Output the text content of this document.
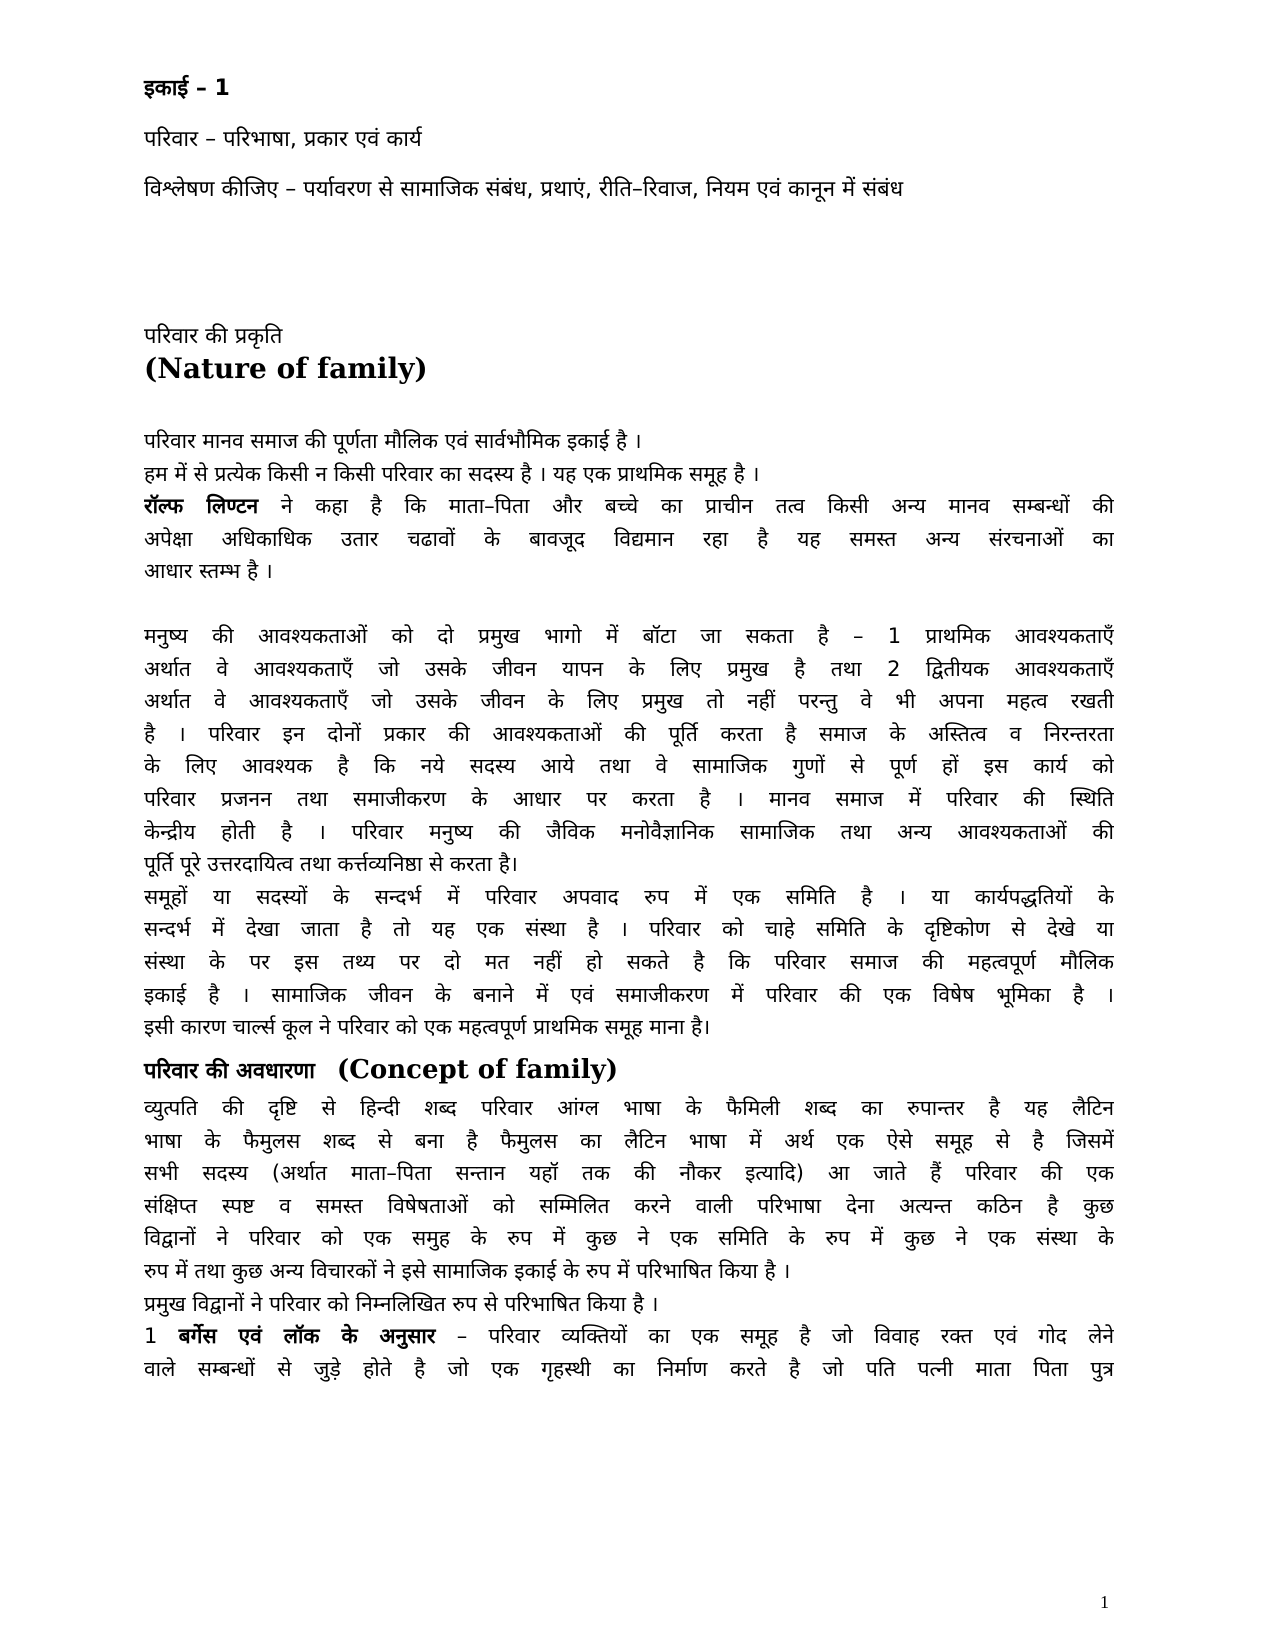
इकाई – 1
परिवार – परिभाषा, प्रकार एवं कार्य
विश्लेषण कीजिए – पर्यावरण से सामाजिक संबंध, प्रथाएं, रीति–रिवाज, नियम एवं कानून में संबंध
परिवार की प्रकृति
(Nature of family)
परिवार मानव समाज की पूर्णता मौलिक एवं सार्वभौमिक इकाई है ।
हम में से प्रत्येक किसी न किसी परिवार का सदस्य है । यह एक प्राथमिक समूह है ।
रॉल्फ लिण्टन ने कहा है कि माता–पिता और बच्चे का प्राचीन तत्व किसी अन्य मानव सम्बन्धों की
अपेक्षा अधिकाधिक उतार चढावों के बावजूद विद्यमान रहा है यह समस्त अन्य संरचनाओं का
आधार स्तम्भ है ।
मनुष्य की आवश्यकताओं को दो प्रमुख भागो में बॉटा जा सकता है – 1 प्राथमिक आवश्यकताएँ
अर्थात वे आवश्यकताएँ जो उसके जीवन यापन के लिए प्रमुख है तथा 2 द्वितीयक आवश्यकताएँ
अर्थात वे आवश्यकताएँ जो उसके जीवन के लिए प्रमुख तो नहीं परन्तु वे भी अपना महत्व रखती
है । परिवार इन दोनों प्रकार की आवश्यकताओं की पूर्ति करता है समाज के अस्तित्व व निरन्तरता
के लिए आवश्यक है कि नये सदस्य आये तथा वे सामाजिक गुणों से पूर्ण हों इस कार्य को
परिवार प्रजनन तथा समाजीकरण के आधार पर करता है । मानव समाज में परिवार की स्थिति
केन्द्रीय होती है । परिवार मनुष्य की जैविक मनोवैज्ञानिक सामाजिक तथा अन्य आवश्यकताओं की
पूर्ति पूरे उत्तरदायित्व तथा कर्त्तव्यनिष्ठा से करता है।
समूहों या सदस्यों के सन्दर्भ में परिवार अपवाद रुप में एक समिति है । या कार्यपद्धतियों के
सन्दर्भ में देखा जाता है तो यह एक संस्था है । परिवार को चाहे समिति के दृष्टिकोण से देखे या
संस्था के पर इस तथ्य पर दो मत नहीं हो सकते है कि परिवार समाज की महत्वपूर्ण मौलिक
इकाई है । सामाजिक जीवन के बनाने में एवं समाजीकरण में परिवार की एक विषेष भूमिका है ।
इसी कारण चार्ल्स कूल ने परिवार को एक महत्वपूर्ण प्राथमिक समूह माना है।
परिवार की अवधारणा (Concept of family)
व्युत्पति की दृष्टि से हिन्दी शब्द परिवार आंग्ल भाषा के फैमिली शब्द का रुपान्तर है यह लैटिन
भाषा के फैमुलस शब्द से बना है फैमुलस का लैटिन भाषा में अर्थ एक ऐसे समूह से है जिसमें
सभी सदस्य (अर्थात माता–पिता सन्तान यहॉ तक की नौकर इत्यादि) आ जाते हैं परिवार की एक
संक्षिप्त स्पष्ट व समस्त विषेषताओं को सम्मिलित करने वाली परिभाषा देना अत्यन्त कठिन है कुछ
विद्वानों ने परिवार को एक समुह के रुप में कुछ ने एक समिति के रुप में कुछ ने एक संस्था के
रुप में तथा कुछ अन्य विचारकों ने इसे सामाजिक इकाई के रुप में परिभाषित किया है ।
प्रमुख विद्वानों ने परिवार को निम्नलिखित रुप से परिभाषित किया है ।
1 बर्गेस एवं लॉक के अनुसार – परिवार व्यक्तियों का एक समूह है जो विवाह रक्त एवं गोद लेने
वाले सम्बन्धों से जुड़े होते है जो एक गृहस्थी का निर्माण करते है जो पति पत्नी माता पिता पुत्र
1
